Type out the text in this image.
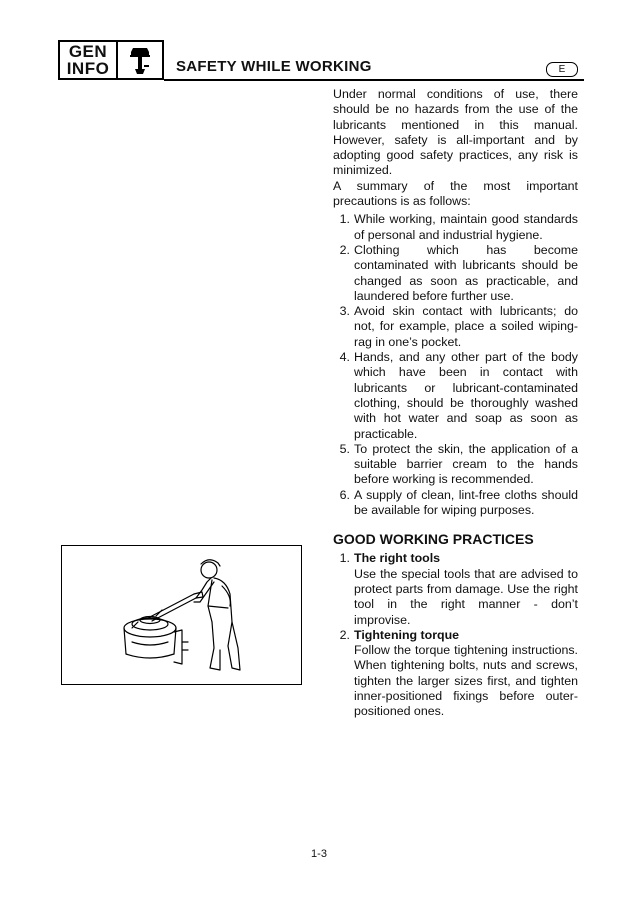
GEN
INFO	SAFETY WHILE WORKING	E

Under normal conditions of use, there should be no hazards from the use of the lubricants mentioned in this manual. However, safety is all-important and by adopting good safety practices, any risk is minimized.

A summary of the most important precautions is as follows:

1. While working, maintain good standards of personal and industrial hygiene.
2. Clothing which has become contaminated with lubricants should be changed as soon as practicable, and laundered before further use.
3. Avoid skin contact with lubricants; do not, for example, place a soiled wiping-rag in one’s pocket.
4. Hands, and any other part of the body which have been in contact with lubricants or lubricant-contaminated clothing, should be thoroughly washed with hot water and soap as soon as practicable.
5. To protect the skin, the application of a suitable barrier cream to the hands before working is recommended.
6. A supply of clean, lint-free cloths should be available for wiping purposes.
GOOD WORKING PRACTICES
1. The right tools
Use the special tools that are advised to protect parts from damage. Use the right tool in the right manner - don’t improvise.
2. Tightening torque
Follow the torque tightening instructions. When tightening bolts, nuts and screws, tighten the larger sizes first, and tighten inner-positioned fixings before outer-positioned ones.
1-3
